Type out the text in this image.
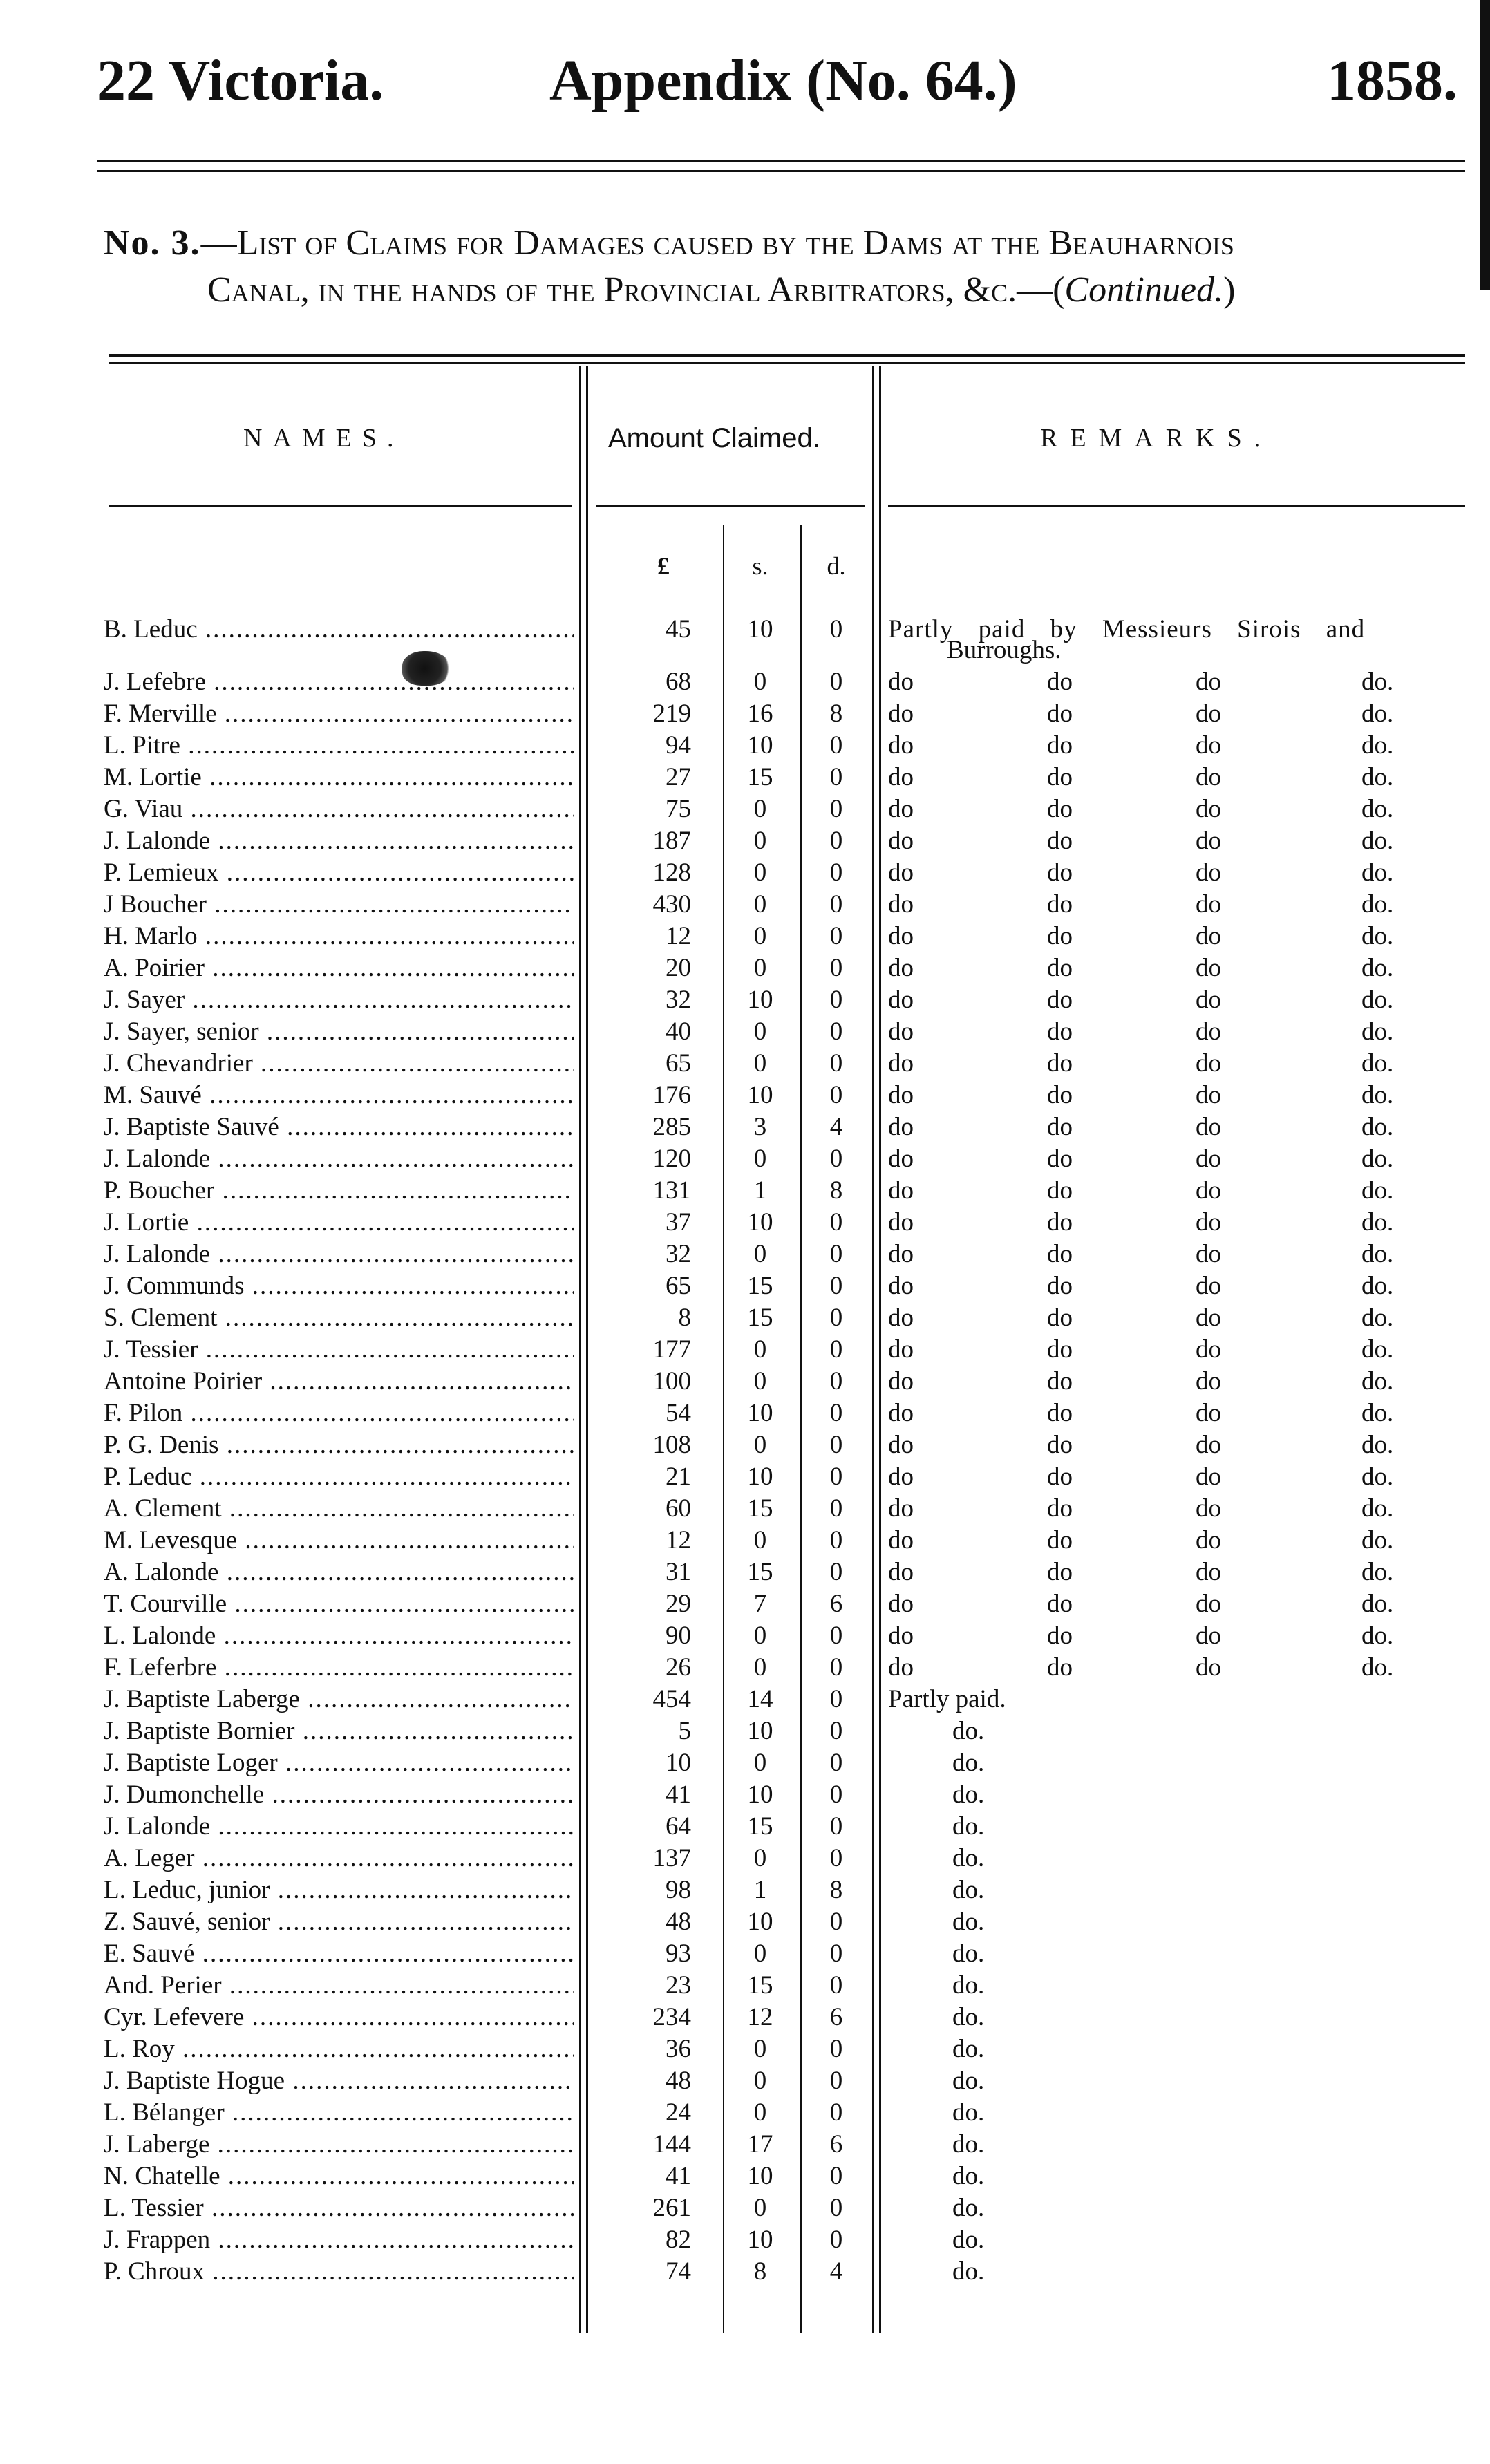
22 Victoria.	Appendix (No. 64.)	1858.
No. 3.—List of Claims for Damages caused by the Dams at the Beauharnois
Canal, in the hands of the Provincial Arbitrators, &c.—(Continued.)
NAMES.	Amount Claimed.	REMARKS.
£	s.	d.
B. Leduc .....	45	10	0	Partly paid by Messieurs Sirois and
Burroughs.
J. Lefebre .....	68	0	0	do	do	do	do.
F. Merville .....	219	16	8	do	do	do	do.
L. Pitre .....	94	10	0	do	do	do	do.
M. Lortie .....	27	15	0	do	do	do	do.
G. Viau .....	75	0	0	do	do	do	do.
J. Lalonde .....	187	0	0	do	do	do	do.
P. Lemieux .....	128	0	0	do	do	do	do.
J Boucher .....	430	0	0	do	do	do	do.
H. Marlo .....	12	0	0	do	do	do	do.
A. Poirier .....	20	0	0	do	do	do	do.
J. Sayer .....	32	10	0	do	do	do	do.
J. Sayer, senior .....	40	0	0	do	do	do	do.
J. Chevandrier .....	65	0	0	do	do	do	do.
M. Sauvé .....	176	10	0	do	do	do	do.
J. Baptiste Sauvé .....	285	3	4	do	do	do	do.
J. Lalonde .....	120	0	0	do	do	do	do.
P. Boucher .....	131	1	8	do	do	do	do.
J. Lortie .....	37	10	0	do	do	do	do.
J. Lalonde .....	32	0	0	do	do	do	do.
J. Communds .....	65	15	0	do	do	do	do.
S. Clement .....	8	15	0	do	do	do	do.
J. Tessier .....	177	0	0	do	do	do	do.
Antoine Poirier .....	100	0	0	do	do	do	do.
F. Pilon .....	54	10	0	do	do	do	do.
P. G. Denis .....	108	0	0	do	do	do	do.
P. Leduc .....	21	10	0	do	do	do	do.
A. Clement .....	60	15	0	do	do	do	do.
M. Levesque .....	12	0	0	do	do	do	do.
A. Lalonde .....	31	15	0	do	do	do	do.
T. Courville .....	29	7	6	do	do	do	do.
L. Lalonde .....	90	0	0	do	do	do	do.
F. Leferbre .....	26	0	0	do	do	do	do.
J. Baptiste Laberge .....	454	14	0	Partly paid.
J. Baptiste Bornier .....	5	10	0	do.
J. Baptiste Loger .....	10	0	0	do.
J. Dumonchelle .....	41	10	0	do.
J. Lalonde .....	64	15	0	do.
A. Leger .....	137	0	0	do.
L. Leduc, junior .....	98	1	8	do.
Z. Sauvé, senior .....	48	10	0	do.
E. Sauvé .....	93	0	0	do.
And. Perier .....	23	15	0	do.
Cyr. Lefevere .....	234	12	6	do.
L. Roy .....	36	0	0	do.
J. Baptiste Hogue .....	48	0	0	do.
L. Bélanger .....	24	0	0	do.
J. Laberge .....	144	17	6	do.
N. Chatelle .....	41	10	0	do.
L. Tessier .....	261	0	0	do.
J. Frappen .....	82	10	0	do.
P. Chroux .....	74	8	4	do.
